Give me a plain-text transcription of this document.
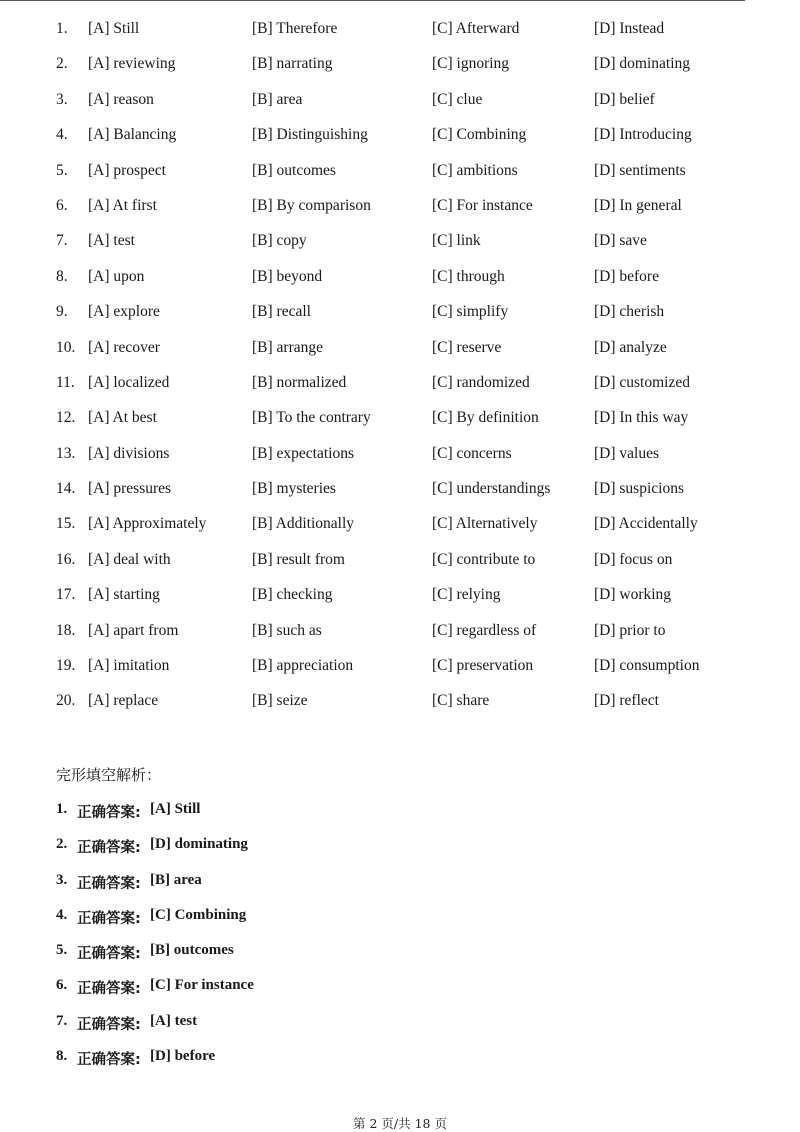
1. [A] Still	[B] Therefore	[C] Afterward	[D] Instead
2. [A] reviewing	[B] narrating	[C] ignoring	[D] dominating
3. [A] reason	[B] area	[C] clue	[D] belief
4. [A] Balancing	[B] Distinguishing	[C] Combining	[D] Introducing
5. [A] prospect	[B] outcomes	[C] ambitions	[D] sentiments
6. [A] At first	[B] By comparison	[C] For instance	[D] In general
7. [A] test	[B] copy	[C] link	[D] save
8. [A] upon	[B] beyond	[C] through	[D] before
9. [A] explore	[B] recall	[C] simplify	[D] cherish
10. [A] recover	[B] arrange	[C] reserve	[D] analyze
11. [A] localized	[B] normalized	[C] randomized	[D] customized
12. [A] At best	[B] To the contrary	[C] By definition	[D] In this way
13. [A] divisions	[B] expectations	[C] concerns	[D] values
14. [A] pressures	[B] mysteries	[C] understandings	[D] suspicions
15. [A] Approximately	[B] Additionally	[C] Alternatively	[D] Accidentally
16. [A] deal with	[B] result from	[C] contribute to	[D] focus on
17. [A] starting	[B] checking	[C] relying	[D] working
18. [A] apart from	[B] such as	[C] regardless of	[D] prior to
19. [A] imitation	[B] appreciation	[C] preservation	[D] consumption
20. [A] replace	[B] seize	[C] share	[D] reflect
完形填空解析：
1. 正确答案: [A] Still
2. 正确答案: [D] dominating
3. 正确答案: [B] area
4. 正确答案: [C] Combining
5. 正确答案: [B] outcomes
6. 正确答案: [C] For instance
7. 正确答案: [A] test
8. 正确答案: [D] before
第 2 页/共 18 页
